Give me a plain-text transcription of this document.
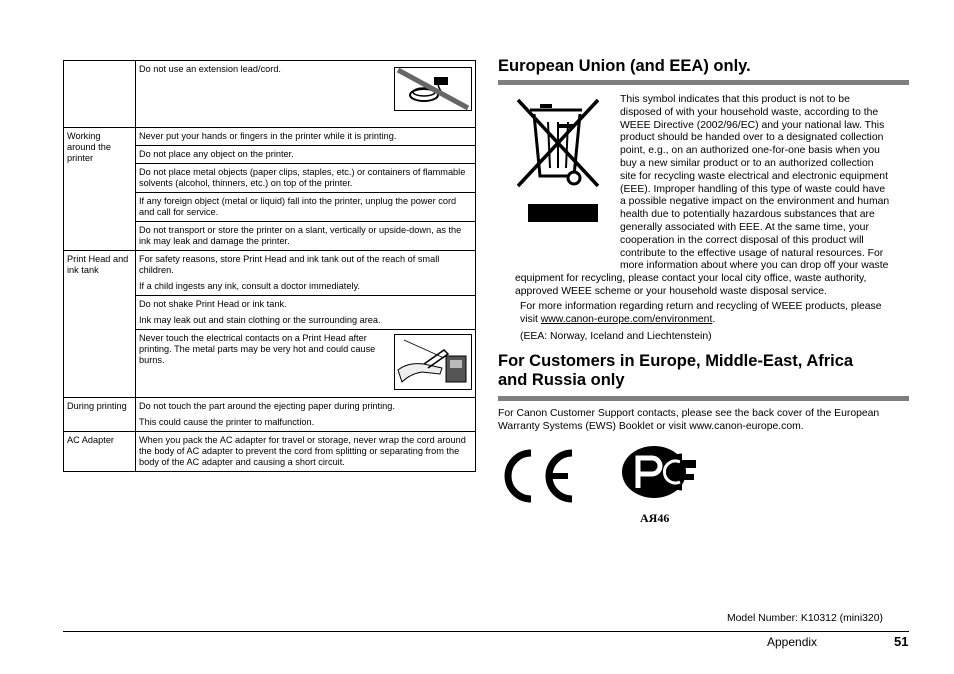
	Do not use an extension lead/cord.

Working around the printer	Never put your hands or fingers in the printer while it is printing.
	Do not place any object on the printer.
	Do not place metal objects (paper clips, staples, etc.) or containers of flammable solvents (alcohol, thinners, etc.) on top of the printer.
	If any foreign object (metal or liquid) fall into the printer, unplug the power cord and call for service.
	Do not transport or store the printer on a slant, vertically or upside-down, as the ink may leak and damage the printer.
Print Head and ink tank	For safety reasons, store Print Head and ink tank out of the reach of small children.
If a child ingests any ink, consult a doctor immediately.

	Do not shake Print Head or ink tank.
Ink may leak out and stain clothing or the surrounding area.

	Never touch the electrical contacts on a Print Head after printing. The metal parts may be very hot and could cause burns.

During printing	Do not touch the part around the ejecting paper during printing.
This could cause the printer to malfunction.

AC Adapter	When you pack the AC adapter for travel or storage, never wrap the cord around the body of AC adapter to prevent the cord from splitting or separating from the body of the AC adapter and causing a short circuit.
European Union (and EEA) only.
This symbol indicates that this product is not to be
disposed of with your household waste, according to the
WEEE Directive (2002/96/EC) and your national law. This
product should be handed over to a designated collection
point, e.g., on an authorized one-for-one basis when you
buy a new similar product or to an authorized collection
site for recycling waste electrical and electronic equipment
(EEE). Improper handling of this type of waste could have
a possible negative impact on the environment and human
health due to potentially hazardous substances that are
generally associated with EEE. At the same time, your
cooperation in the correct disposal of this product will
contribute to the effective usage of natural resources. For
more information about where you can drop off your waste
equipment for recycling, please contact your local city office, waste authority,
approved WEEE scheme or your household waste disposal service.
For more information regarding return and recycling of WEEE products, please
visit www.canon-europe.com/environment.
(EEA: Norway, Iceland and Liechtenstein)
For Customers in Europe, Middle-East, Africa
and Russia only
For Canon Customer Support contacts, please see the back cover of the European
Warranty Systems (EWS) Booklet or visit www.canon-europe.com.
АЯ46
Model Number: K10312 (mini320)
Appendix	51
